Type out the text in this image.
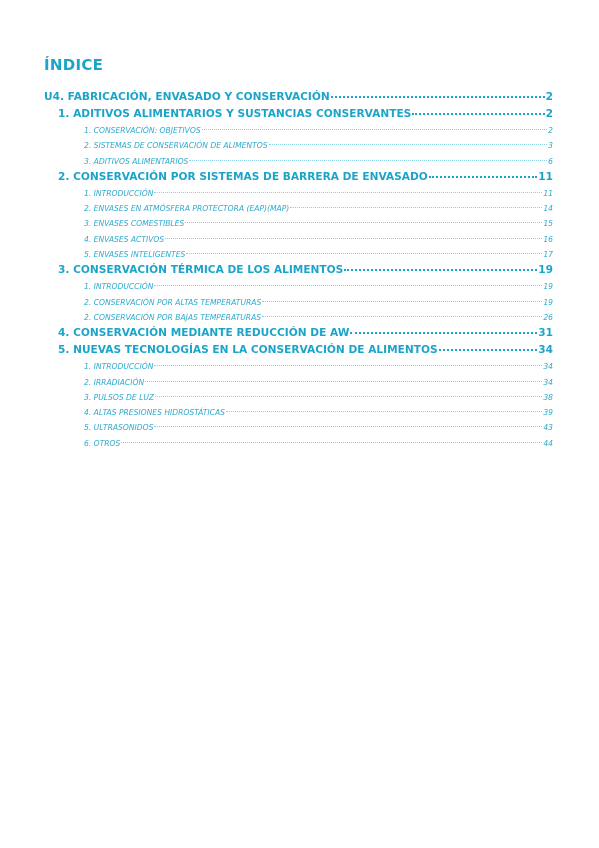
ÍNDICE
U4. FABRICACIÓN, ENVASADO Y CONSERVACIÓN	2
1. ADITIVOS ALIMENTARIOS Y SUSTANCIAS CONSERVANTES	2
1. CONSERVACIÓN: OBJETIVOS	2
2. SISTEMAS DE CONSERVACIÓN DE ALIMENTOS	3
3. ADITIVOS ALIMENTARIOS	6
2. CONSERVACIÓN POR SISTEMAS DE BARRERA DE ENVASADO	11
1. INTRODUCCIÓN	11
2. ENVASES EN ATMÓSFERA PROTECTORA (EAP)(MAP)	14
3. ENVASES COMESTIBLES	15
4. ENVASES ACTIVOS	16
5. ENVASES INTELIGENTES	17
3. CONSERVACIÓN TÉRMICA DE LOS ALIMENTOS	19
1. INTRODUCCIÓN	19
2. CONSERVACIÓN POR ALTAS TEMPERATURAS	19
2. CONSERVACIÓN POR BAJAS TEMPERATURAS	26
4. CONSERVACIÓN MEDIANTE REDUCCIÓN DE AW	31
5. NUEVAS TECNOLOGÍAS EN LA CONSERVACIÓN DE ALIMENTOS	34
1. INTRODUCCIÓN	34
2. IRRADIACIÓN	34
3. PULSOS DE LUZ	38
4. ALTAS PRESIONES HIDROSTÁTICAS	39
5. ULTRASONIDOS	43
6. OTROS	44
